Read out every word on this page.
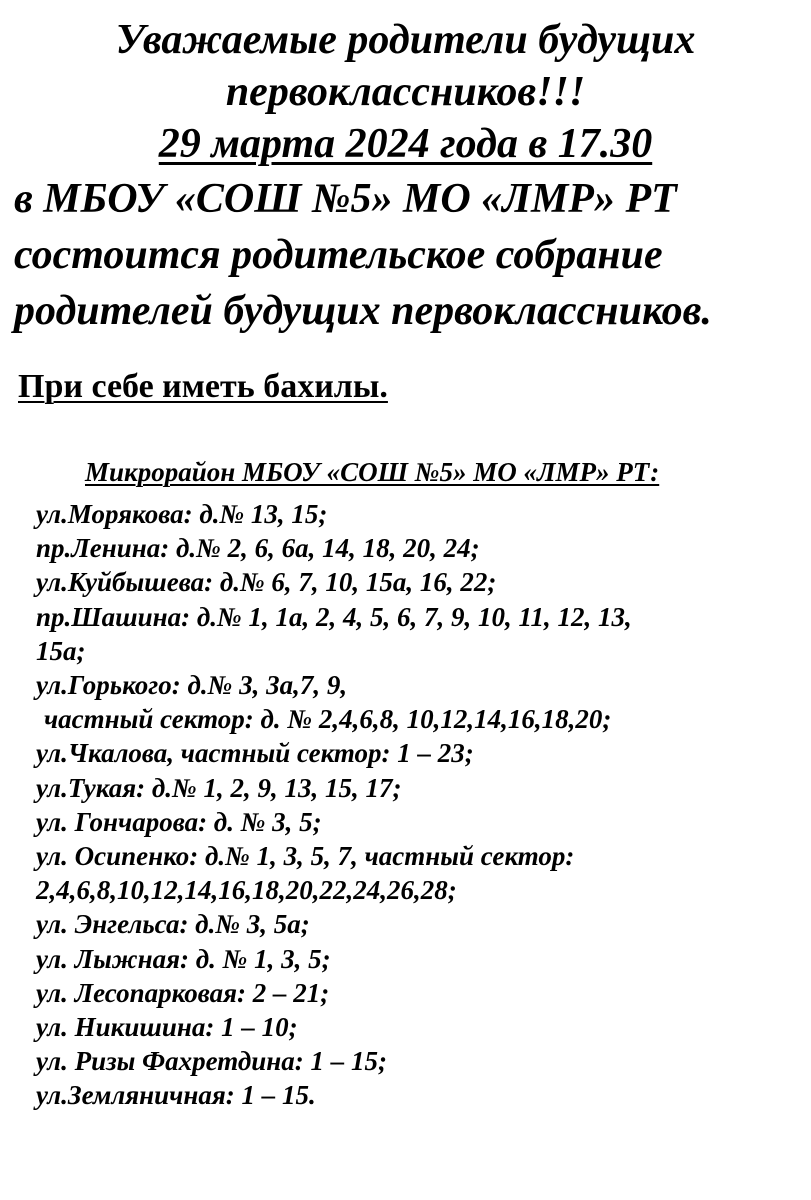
Уважаемые родители будущих
первоклассников!!!
29 марта 2024 года в 17.30
в МБОУ «СОШ №5» МО «ЛМР» РТ
состоится родительское собрание
родителей будущих первоклассников.
При себе иметь бахилы.
Микрорайон МБОУ «СОШ №5» МО «ЛМР» РТ:
ул.Морякова: д.№ 13, 15;
пр.Ленина: д.№ 2, 6, 6а, 14, 18, 20, 24;
ул.Куйбышева: д.№ 6, 7, 10, 15а, 16, 22;
пр.Шашина: д.№ 1, 1а, 2, 4, 5, 6, 7, 9, 10, 11, 12, 13,
15а;
ул.Горького: д.№ 3, 3а,7, 9,
частный сектор: д. № 2,4,6,8, 10,12,14,16,18,20;
ул.Чкалова, частный сектор: 1 – 23;
ул.Тукая: д.№ 1, 2, 9, 13, 15, 17;
ул. Гончарова: д. № 3, 5;
ул. Осипенко: д.№ 1, 3, 5, 7, частный сектор:
2,4,6,8,10,12,14,16,18,20,22,24,26,28;
ул. Энгельса: д.№ 3, 5а;
ул. Лыжная: д. № 1, 3, 5;
ул. Лесопарковая: 2 – 21;
ул. Никишина: 1 – 10;
ул. Ризы Фахретдина: 1 – 15;
ул.Земляничная: 1 – 15.
